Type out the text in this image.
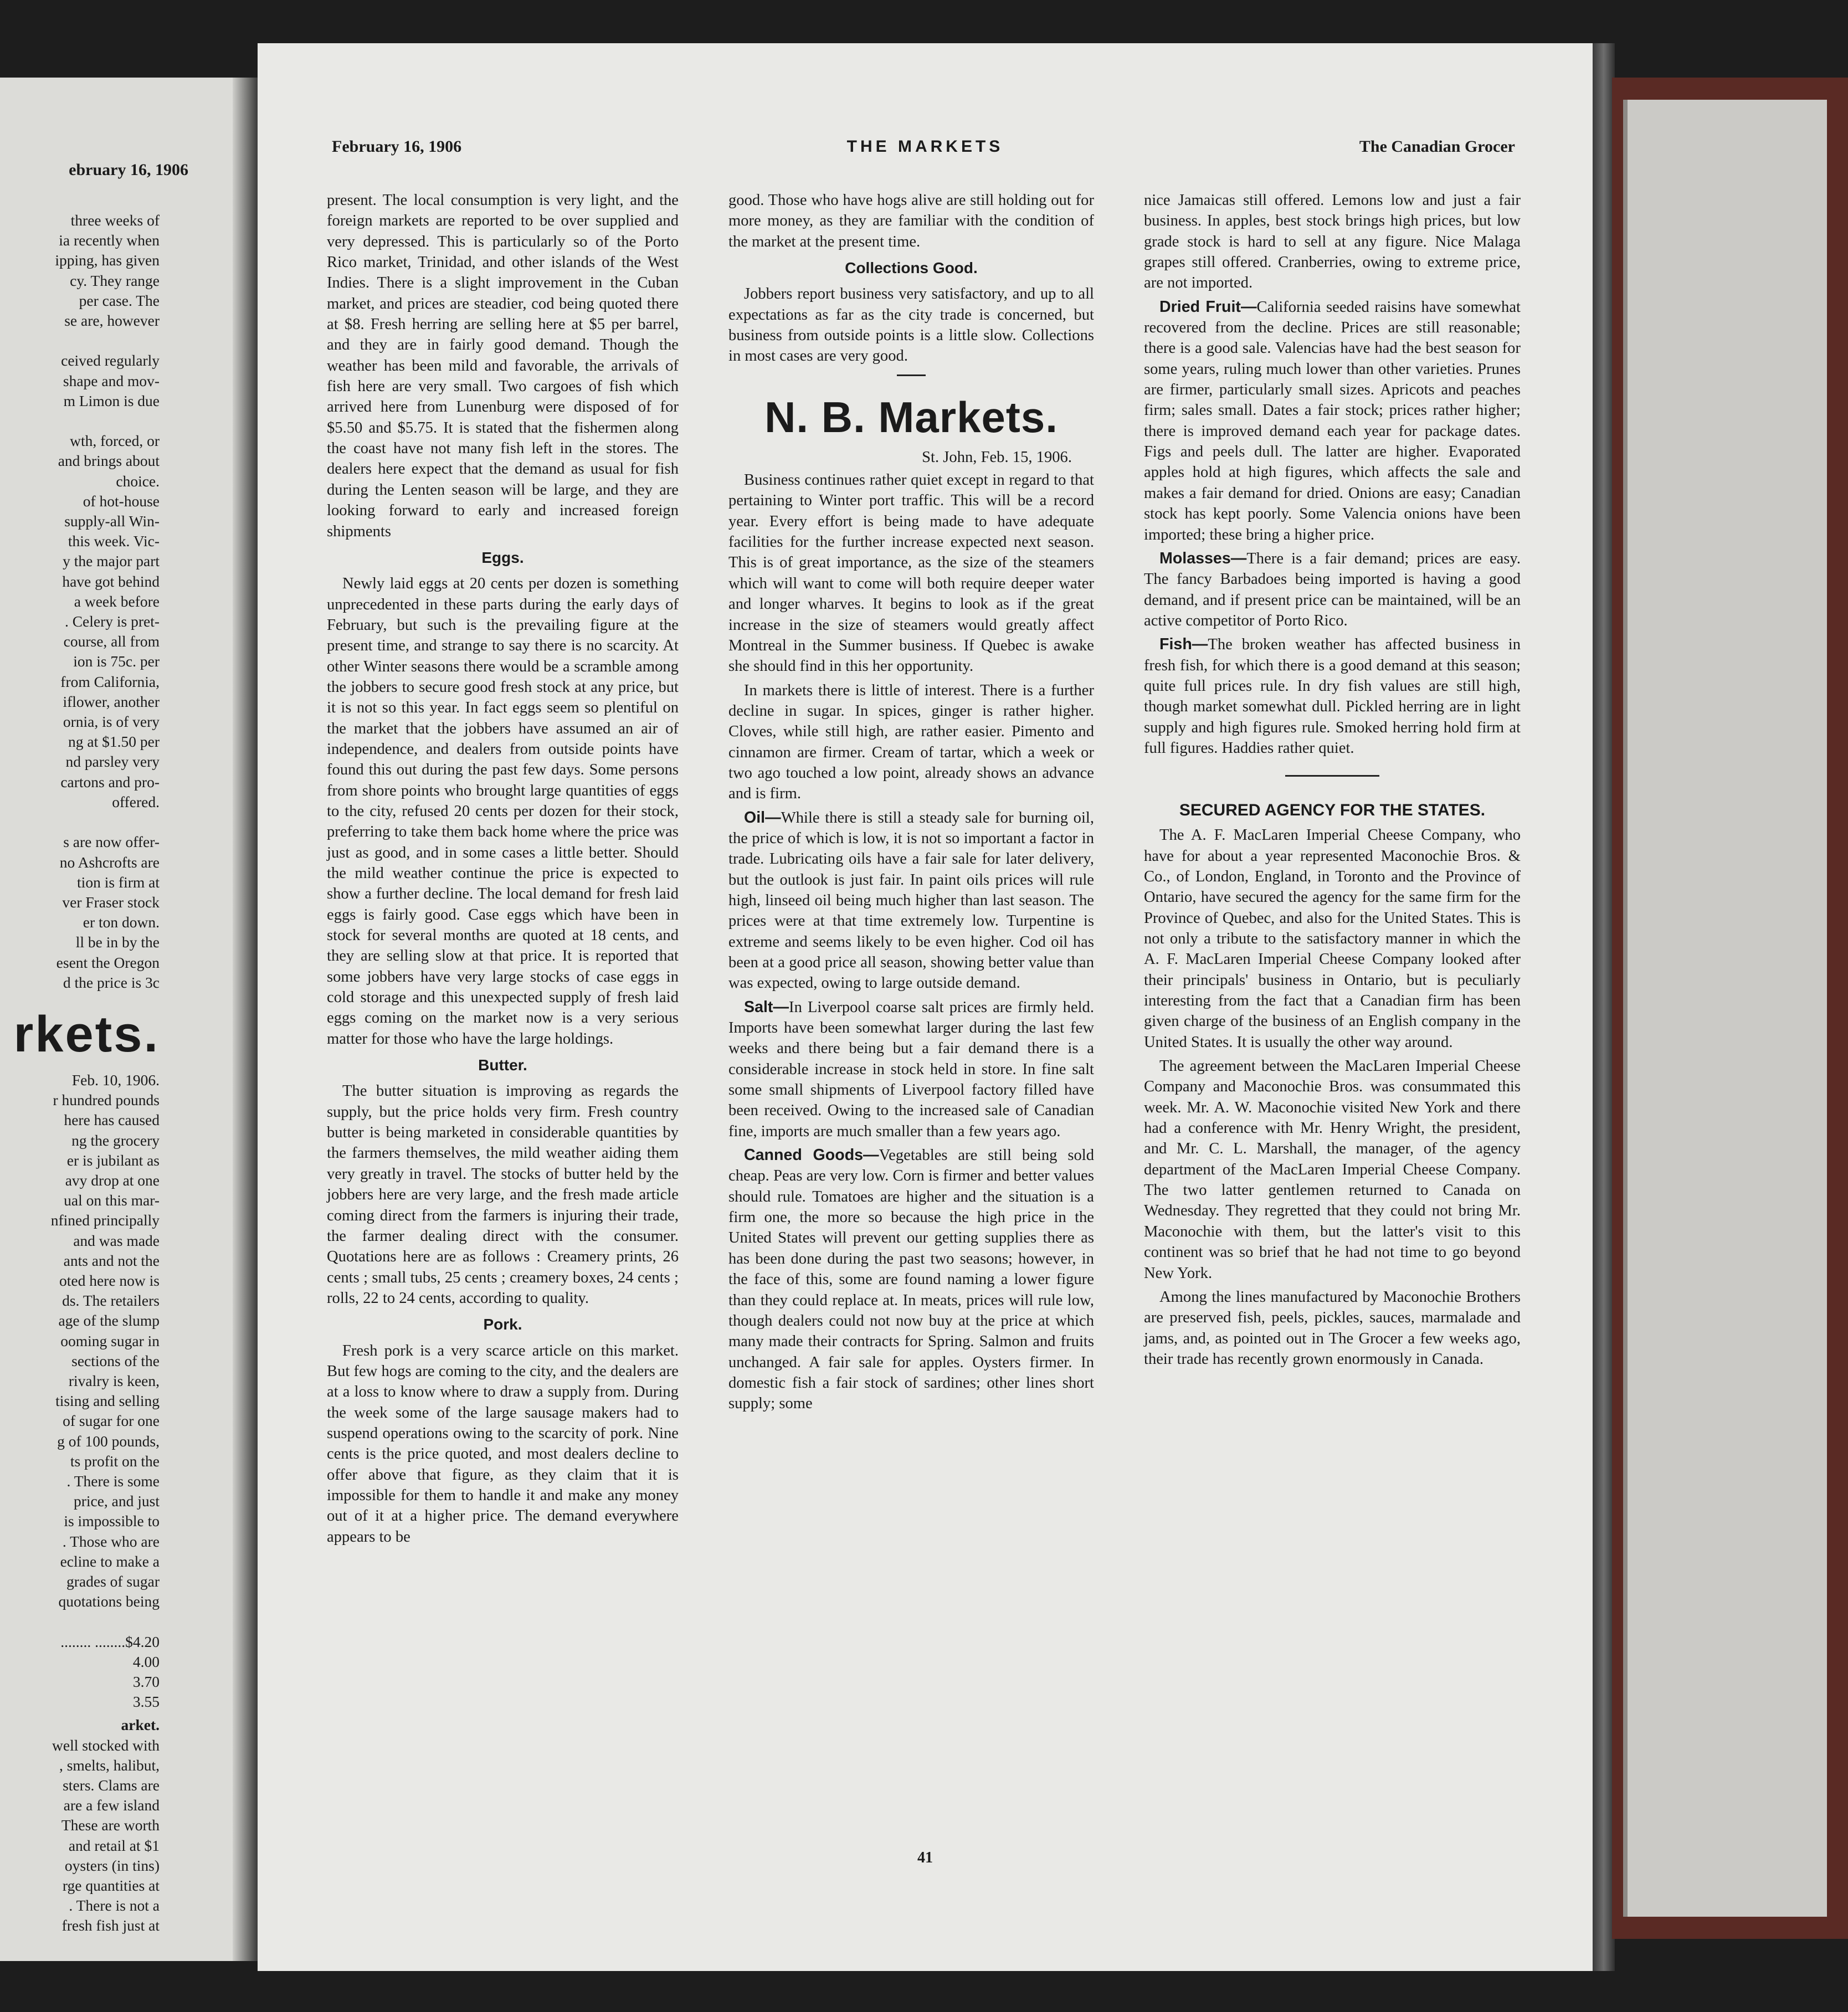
ebruary 16, 1906
three weeks of
ia recently when
ipping, has given
cy. They range
per case. The
se are, however

ceived regularly
shape and mov-
m Limon is due

wth, forced, or
and brings about
choice.
of hot-house
supply-all Win-
this week. Vic-
y the major part
have got behind
a week before
. Celery is pret-
course, all from
ion is 75c. per
from California,
iflower, another
ornia, is of very
ng at $1.50 per
nd parsley very
cartons and pro-
offered.

s are now offer-
no Ashcrofts are
tion is firm at
ver Fraser stock
er ton down.
ll be in by the
esent the Oregon
d the price is 3c
rkets.
Feb. 10, 1906.
r hundred pounds
here has caused
ng the grocery
er is jubilant as
avy drop at one
ual on this mar-
nfined principally
and was made
ants and not the
oted here now is
ds. The retailers
age of the slump
ooming sugar in
sections of the
rivalry is keen,
tising and selling
of sugar for one
g of 100 pounds,
ts profit on the
. There is some
price, and just
is impossible to
. Those who are
ecline to make a
grades of sugar
quotations being

........ ........$4.20
4.00
3.70
3.55
arket.
well stocked with
, smelts, halibut,
sters. Clams are
are a few island
These are worth
and retail at $1
oysters (in tins)
rge quantities at
. There is not a
fresh fish just at
February 16, 1906	THE MARKETS	The Canadian Grocer

present. The local consumption is very light, and the foreign markets are reported to be over supplied and very depressed. This is particularly so of the Porto Rico market, Trinidad, and other islands of the West Indies. There is a slight improvement in the Cuban market, and prices are steadier, cod being quoted there at $8. Fresh herring are selling here at $5 per barrel, and they are in fairly good demand. Though the weather has been mild and favorable, the arrivals of fish here are very small. Two cargoes of fish which arrived here from Lunenburg were disposed of for $5.50 and $5.75. It is stated that the fishermen along the coast have not many fish left in the stores. The dealers here expect that the demand as usual for fish during the Lenten season will be large, and they are looking forward to early and increased foreign shipments

Eggs.

Newly laid eggs at 20 cents per dozen is something unprecedented in these parts during the early days of February, but such is the prevailing figure at the present time, and strange to say there is no scarcity. At other Winter seasons there would be a scramble among the jobbers to secure good fresh stock at any price, but it is not so this year. In fact eggs seem so plentiful on the market that the jobbers have assumed an air of independence, and dealers from outside points have found this out during the past few days. Some persons from shore points who brought large quantities of eggs to the city, refused 20 cents per dozen for their stock, preferring to take them back home where the price was just as good, and in some cases a little better. Should the mild weather continue the price is expected to show a further decline. The local demand for fresh laid eggs is fairly good. Case eggs which have been in stock for several months are quoted at 18 cents, and they are selling slow at that price. It is reported that some jobbers have very large stocks of case eggs in cold storage and this unexpected supply of fresh laid eggs coming on the market now is a very serious matter for those who have the large holdings.

Butter.

The butter situation is improving as regards the supply, but the price holds very firm. Fresh country butter is being marketed in considerable quantities by the farmers themselves, the mild weather aiding them very greatly in travel. The stocks of butter held by the jobbers here are very large, and the fresh made article coming direct from the farmers is injuring their trade, the farmer dealing direct with the consumer. Quotations here are as follows : Creamery prints, 26 cents ; small tubs, 25 cents ; creamery boxes, 24 cents ; rolls, 22 to 24 cents, according to quality.

Pork.

Fresh pork is a very scarce article on this market. But few hogs are coming to the city, and the dealers are at a loss to know where to draw a supply from. During the week some of the large sausage makers had to suspend operations owing to the scarcity of pork. Nine cents is the price quoted, and most dealers decline to offer above that figure, as they claim that it is impossible for them to handle it and make any money out of it at a higher price. The demand everywhere appears to be

good. Those who have hogs alive are still holding out for more money, as they are familiar with the condition of the market at the present time.

Collections Good.

Jobbers report business very satisfactory, and up to all expectations as far as the city trade is concerned, but business from outside points is a little slow. Collections in most cases are very good.

N. B. Markets.
St. John, Feb. 15, 1906.

Business continues rather quiet except in regard to that pertaining to Winter port traffic. This will be a record year. Every effort is being made to have adequate facilities for the further increase expected next season. This is of great importance, as the size of the steamers which will want to come will both require deeper water and longer wharves. It begins to look as if the great increase in the size of steamers would greatly affect Montreal in the Summer business. If Quebec is awake she should find in this her opportunity.

In markets there is little of interest. There is a further decline in sugar. In spices, ginger is rather higher. Cloves, while still high, are rather easier. Pimento and cinnamon are firmer. Cream of tartar, which a week or two ago touched a low point, already shows an advance and is firm.

Oil—While there is still a steady sale for burning oil, the price of which is low, it is not so important a factor in trade. Lubricating oils have a fair sale for later delivery, but the outlook is just fair. In paint oils prices will rule high, linseed oil being much higher than last season. The prices were at that time extremely low. Turpentine is extreme and seems likely to be even higher. Cod oil has been at a good price all season, showing better value than was expected, owing to large outside demand.

Salt—In Liverpool coarse salt prices are firmly held. Imports have been somewhat larger during the last few weeks and there being but a fair demand there is a considerable increase in stock held in store. In fine salt some small shipments of Liverpool factory filled have been received. Owing to the increased sale of Canadian fine, imports are much smaller than a few years ago.

Canned Goods—Vegetables are still being sold cheap. Peas are very low. Corn is firmer and better values should rule. Tomatoes are higher and the situation is a firm one, the more so because the high price in the United States will prevent our getting supplies there as has been done during the past two seasons; however, in the face of this, some are found naming a lower figure than they could replace at. In meats, prices will rule low, though dealers could not now buy at the price at which many made their contracts for Spring. Salmon and fruits unchanged. A fair sale for apples. Oysters firmer. In domestic fish a fair stock of sardines; other lines short supply; some

nice Jamaicas still offered. Lemons low and just a fair business. In apples, best stock brings high prices, but low grade stock is hard to sell at any figure. Nice Malaga grapes still offered. Cranberries, owing to extreme price, are not imported.

Dried Fruit—California seeded raisins have somewhat recovered from the decline. Prices are still reasonable; there is a good sale. Valencias have had the best season for some years, ruling much lower than other varieties. Prunes are firmer, particularly small sizes. Apricots and peaches firm; sales small. Dates a fair stock; prices rather higher; there is improved demand each year for package dates. Figs and peels dull. The latter are higher. Evaporated apples hold at high figures, which affects the sale and makes a fair demand for dried. Onions are easy; Canadian stock has kept poorly. Some Valencia onions have been imported; these bring a higher price.

Molasses—There is a fair demand; prices are easy. The fancy Barbadoes being imported is having a good demand, and if present price can be maintained, will be an active competitor of Porto Rico.

Fish—The broken weather has affected business in fresh fish, for which there is a good demand at this season; quite full prices rule. In dry fish values are still high, though market somewhat dull. Pickled herring are in light supply and high figures rule. Smoked herring hold firm at full figures. Haddies rather quiet.

SECURED AGENCY FOR THE STATES.

The A. F. MacLaren Imperial Cheese Company, who have for about a year represented Maconochie Bros. & Co., of London, England, in Toronto and the Province of Ontario, have secured the agency for the same firm for the Province of Quebec, and also for the United States. This is not only a tribute to the satisfactory manner in which the A. F. MacLaren Imperial Cheese Company looked after their principals' business in Ontario, but is peculiarly interesting from the fact that a Canadian firm has been given charge of the business of an English company in the United States. It is usually the other way around.

The agreement between the MacLaren Imperial Cheese Company and Maconochie Bros. was consummated this week. Mr. A. W. Maconochie visited New York and there had a conference with Mr. Henry Wright, the president, and Mr. C. L. Marshall, the manager, of the agency department of the MacLaren Imperial Cheese Company. The two latter gentlemen returned to Canada on Wednesday. They regretted that they could not bring Mr. Maconochie with them, but the latter's visit to this continent was so brief that he had not time to go beyond New York.

Among the lines manufactured by Maconochie Brothers are preserved fish, peels, pickles, sauces, marmalade and jams, and, as pointed out in The Grocer a few weeks ago, their trade has recently grown enormously in Canada.

41
